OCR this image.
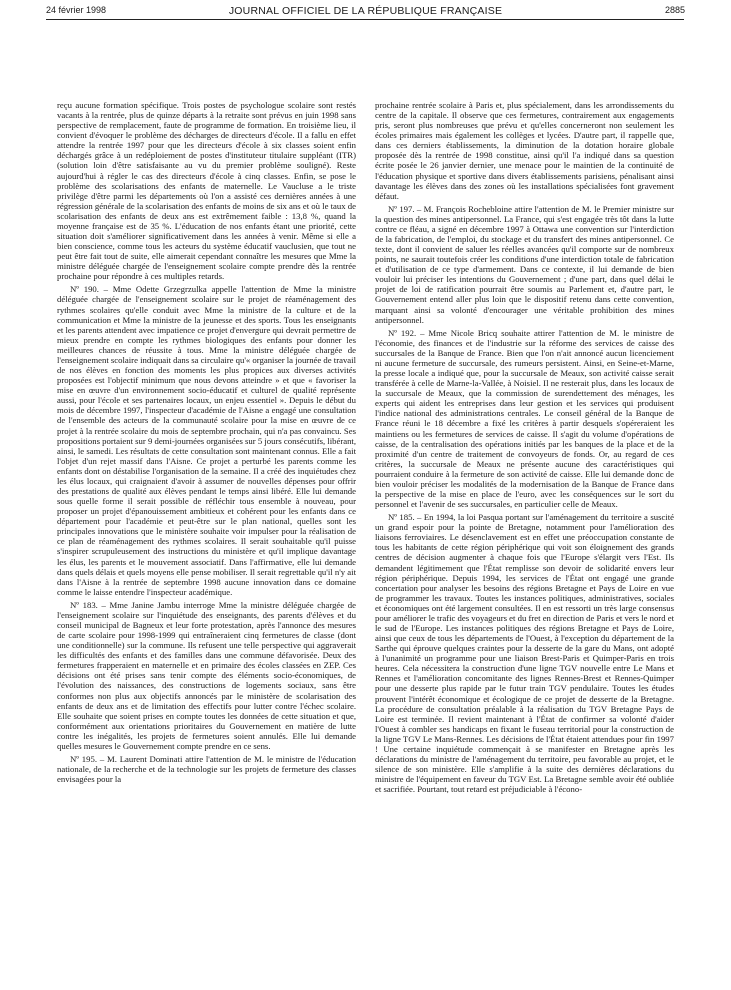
24 février 1998	JOURNAL OFFICIEL DE LA RÉPUBLIQUE FRANÇAISE	2885

reçu aucune formation spécifique. Trois postes de psychologue scolaire sont restés vacants à la rentrée, plus de quinze départs à la retraite sont prévus en juin 1998 sans perspective de remplacement, faute de programme de formation. En troisième lieu, il convient d'évoquer le problème des décharges de directeurs d'école. Il a fallu en effet attendre la rentrée 1997 pour que les directeurs d'école à six classes soient enfin déchargés grâce à un redéploiement de postes d'instituteur titulaire suppléant (ITR) (solution loin d'être satisfaisante au vu du premier problème souligné). Reste aujourd'hui à régler le cas des directeurs d'école à cinq classes. Enfin, se pose le problème des scolarisations des enfants de maternelle. Le Vaucluse a le triste privilège d'être parmi les départements où l'on a assisté ces dernières années à une régression générale de la scolarisation des enfants de moins de six ans et où le taux de scolarisation des enfants de deux ans est extrêmement faible : 13,8 %, quand la moyenne française est de 35 %. L'éducation de nos enfants étant une priorité, cette situation doit s'améliorer significativement dans les années à venir. Même si elle a bien conscience, comme tous les acteurs du système éducatif vauclusien, que tout ne peut être fait tout de suite, elle aimerait cependant connaître les mesures que Mme la ministre déléguée chargée de l'enseignement scolaire compte prendre dès la rentrée prochaine pour répondre à ces multiples retards.

Nº 190. – Mme Odette Grzegrzulka appelle l'attention de Mme la ministre déléguée chargée de l'enseignement scolaire sur le projet de réaménagement des rythmes scolaires qu'elle conduit avec Mme la ministre de la culture et de la communication et Mme la ministre de la jeunesse et des sports. Tous les enseignants et les parents attendent avec impatience ce projet d'envergure qui devrait permettre de mieux prendre en compte les rythmes biologiques des enfants pour donner les meilleures chances de réussite à tous. Mme la ministre déléguée chargée de l'enseignement scolaire indiquait dans sa circulaire qu'« organiser la journée de travail de nos élèves en fonction des moments les plus propices aux diverses activités proposées est l'objectif minimum que nous devons atteindre » et que « favoriser la mise en œuvre d'un environnement socio-éducatif et culturel de qualité représente aussi, pour l'école et ses partenaires locaux, un enjeu essentiel ». Depuis le début du mois de décembre 1997, l'inspecteur d'académie de l'Aisne a engagé une consultation de l'ensemble des acteurs de la communauté scolaire pour la mise en œuvre de ce projet à la rentrée scolaire du mois de septembre prochain, qui n'a pas convaincu. Ses propositions portaient sur 9 demi-journées organisées sur 5 jours consécutifs, libérant, ainsi, le samedi. Les résultats de cette consultation sont maintenant connus. Elle a fait l'objet d'un rejet massif dans l'Aisne. Ce projet a perturbé les parents comme les enfants dont on déstabilise l'organisation de la semaine. Il a créé des inquiétudes chez les élus locaux, qui craignaient d'avoir à assumer de nouvelles dépenses pour offrir des prestations de qualité aux élèves pendant le temps ainsi libéré. Elle lui demande sous quelle forme il serait possible de réfléchir tous ensemble à nouveau, pour proposer un projet d'épanouissement ambitieux et cohérent pour les enfants dans ce département pour l'académie et peut-être sur le plan national, quelles sont les principales innovations que le ministère souhaite voir impulser pour la réalisation de ce plan de réaménagement des rythmes scolaires. Il serait souhaitable qu'il puisse s'inspirer scrupuleusement des instructions du ministère et qu'il implique davantage les élus, les parents et le mouvement associatif. Dans l'affirmative, elle lui demande dans quels délais et quels moyens elle pense mobiliser. Il serait regrettable qu'il n'y ait dans l'Aisne à la rentrée de septembre 1998 aucune innovation dans ce domaine comme le laisse entendre l'inspecteur académique.

Nº 183. – Mme Janine Jambu interroge Mme la ministre déléguée chargée de l'enseignement scolaire sur l'inquiétude des enseignants, des parents d'élèves et du conseil municipal de Bagneux et leur forte protestation, après l'annonce des mesures de carte scolaire pour 1998-1999 qui entraîneraient cinq fermetures de classe (dont une conditionnelle) sur la commune. Ils refusent une telle perspective qui aggraverait les difficultés des enfants et des familles dans une commune défavorisée. Deux des fermetures frapperaient en maternelle et en primaire des écoles classées en ZEP. Ces décisions ont été prises sans tenir compte des éléments socio-économiques, de l'évolution des naissances, des constructions de logements sociaux, sans être conformes non plus aux objectifs annoncés par le ministère de scolarisation des enfants de deux ans et de limitation des effectifs pour lutter contre l'échec scolaire. Elle souhaite que soient prises en compte toutes les données de cette situation et que, conformément aux orientations prioritaires du Gouvernement en matière de lutte contre les inégalités, les projets de fermetures soient annulés. Elle lui demande quelles mesures le Gouvernement compte prendre en ce sens.

Nº 195. – M. Laurent Dominati attire l'attention de M. le ministre de l'éducation nationale, de la recherche et de la technologie sur les projets de fermeture des classes envisagées pour la

prochaine rentrée scolaire à Paris et, plus spécialement, dans les arrondissements du centre de la capitale. Il observe que ces fermetures, contrairement aux engagements pris, seront plus nombreuses que prévu et qu'elles concerneront non seulement les écoles primaires mais également les collèges et lycées. D'autre part, il rappelle que, dans ces derniers établissements, la diminution de la dotation horaire globale proposée dès la rentrée de 1998 constitue, ainsi qu'il l'a indiqué dans sa question écrite posée le 26 janvier dernier, une menace pour le maintien de la continuité de l'éducation physique et sportive dans divers établissements parisiens, pénalisant ainsi davantage les élèves dans des zones où les installations spécialisées font gravement défaut.

Nº 197. – M. François Rochebloine attire l'attention de M. le Premier ministre sur la question des mines antipersonnel. La France, qui s'est engagée très tôt dans la lutte contre ce fléau, a signé en décembre 1997 à Ottawa une convention sur l'interdiction de la fabrication, de l'emploi, du stockage et du transfert des mines antipersonnel. Ce texte, dont il convient de saluer les réelles avancées qu'il comporte sur de nombreux points, ne saurait toutefois créer les conditions d'une interdiction totale de fabrication et d'utilisation de ce type d'armement. Dans ce contexte, il lui demande de bien vouloir lui préciser les intentions du Gouvernement ; d'une part, dans quel délai le projet de loi de ratification pourrait être soumis au Parlement et, d'autre part, le Gouvernement entend aller plus loin que le dispositif retenu dans cette convention, marquant ainsi sa volonté d'encourager une véritable prohibition des mines antipersonnel.

Nº 192. – Mme Nicole Bricq souhaite attirer l'attention de M. le ministre de l'économie, des finances et de l'industrie sur la réforme des services de caisse des succursales de la Banque de France. Bien que l'on n'ait annoncé aucun licenciement ni aucune fermeture de succursale, des rumeurs persistent. Ainsi, en Seine-et-Marne, la presse locale a indiqué que, pour la succursale de Meaux, son activité caisse serait transférée à celle de Marne-la-Vallée, à Noisiel. Il ne resterait plus, dans les locaux de la succursale de Meaux, que la commission de surendettement des ménages, les experts qui aident les entreprises dans leur gestion et les services qui produisent l'indice national des administrations centrales. Le conseil général de la Banque de France réuni le 18 décembre a fixé les critères à partir desquels s'opéreraient les maintiens ou les fermetures de services de caisse. Il s'agit du volume d'opérations de caisse, de la centralisation des opérations initiés par les banques de la place et de la proximité d'un centre de traitement de convoyeurs de fonds. Or, au regard de ces critères, la succursale de Meaux ne présente aucune des caractéristiques qui pourraient conduire à la fermeture de son activité de caisse. Elle lui demande donc de bien vouloir préciser les modalités de la modernisation de la Banque de France dans la perspective de la mise en place de l'euro, avec les conséquences sur le sort du personnel et l'avenir de ses succursales, en particulier celle de Meaux.

Nº 185. – En 1994, la loi Pasqua portant sur l'aménagement du territoire a suscité un grand espoir pour la pointe de Bretagne, notamment pour l'amélioration des liaisons ferroviaires. Le désenclavement est en effet une préoccupation constante de tous les habitants de cette région périphérique qui voit son éloignement des grands centres de décision augmenter à chaque fois que l'Europe s'élargit vers l'Est. Ils demandent légitimement que l'État remplisse son devoir de solidarité envers leur région périphérique. Depuis 1994, les services de l'État ont engagé une grande concertation pour analyser les besoins des régions Bretagne et Pays de Loire en vue de programmer les travaux. Toutes les instances politiques, administratives, sociales et économiques ont été largement consultées. Il en est ressorti un très large consensus pour améliorer le trafic des voyageurs et du fret en direction de Paris et vers le nord et le sud de l'Europe. Les instances politiques des régions Bretagne et Pays de Loire, ainsi que ceux de tous les départements de l'Ouest, à l'exception du département de la Sarthe qui éprouve quelques craintes pour la desserte de la gare du Mans, ont adopté à l'unanimité un programme pour une liaison Brest-Paris et Quimper-Paris en trois heures. Cela nécessitera la construction d'une ligne TGV nouvelle entre Le Mans et Rennes et l'amélioration concomitante des lignes Rennes-Brest et Rennes-Quimper pour une desserte plus rapide par le futur train TGV pendulaire. Toutes les études prouvent l'intérêt économique et écologique de ce projet de desserte de la Bretagne. La procédure de consultation préalable à la réalisation du TGV Bretagne Pays de Loire est terminée. Il revient maintenant à l'État de confirmer sa volonté d'aider l'Ouest à combler ses handicaps en fixant le fuseau territorial pour la construction de la ligne TGV Le Mans-Rennes. Les décisions de l'État étaient attendues pour fin 1997 ! Une certaine inquiétude commençait à se manifester en Bretagne après les déclarations du ministre de l'aménagement du territoire, peu favorable au projet, et le silence de son ministère. Elle s'amplifie à la suite des dernières déclarations du ministre de l'équipement en faveur du TGV Est. La Bretagne semble avoir été oubliée et sacrifiée. Pourtant, tout retard est préjudiciable à l'écono-
